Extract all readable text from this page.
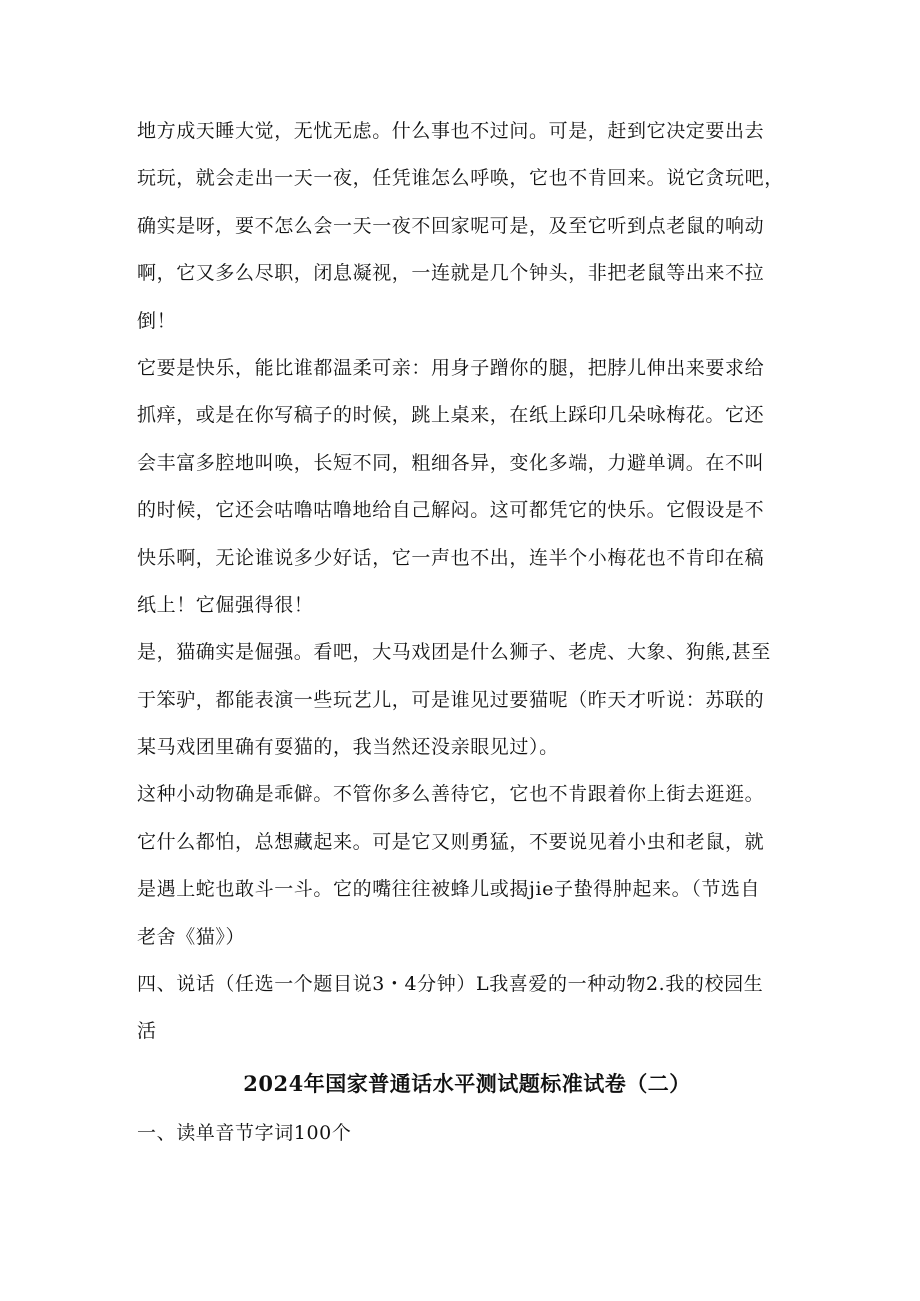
地方成天睡大觉，无忧无虑。什么事也不过问。可是，赶到它决定要出去
玩玩，就会走出一天一夜，任凭谁怎么呼唤，它也不肯回来。说它贪玩吧，
确实是呀，要不怎么会一天一夜不回家呢可是，及至它听到点老鼠的响动
啊，它又多么尽职，闭息凝视，一连就是几个钟头，非把老鼠等出来不拉
倒！
它要是快乐，能比谁都温柔可亲：用身子蹭你的腿，把脖儿伸出来要求给
抓痒，或是在你写稿子的时候，跳上桌来，在纸上踩印几朵咏梅花。它还
会丰富多腔地叫唤，长短不同，粗细各异，变化多端，力避单调。在不叫
的时候，它还会咕噜咕噜地给自己解闷。这可都凭它的快乐。它假设是不
快乐啊，无论谁说多少好话，它一声也不出，连半个小梅花也不肯印在稿
纸上！它倔强得很！
是，猫确实是倔强。看吧，大马戏团是什么狮子、老虎、大象、狗熊,甚至
于笨驴，都能表演一些玩艺儿，可是谁见过要猫呢（昨天才听说：苏联的
某马戏团里确有耍猫的，我当然还没亲眼见过）。
这种小动物确是乖僻。不管你多么善待它，它也不肯跟着你上街去逛逛。
它什么都怕，总想藏起来。可是它又则勇猛，不要说见着小虫和老鼠，就
是遇上蛇也敢斗一斗。它的嘴往往被蜂儿或揭jie子蛰得肿起来。（节选自
老舍《猫》）
四、说话（任选一个题目说3・4分钟）L我喜爱的一种动物2.我的校园生
活
2024年国家普通话水平测试题标准试卷（二）
一、读单音节字词100个
